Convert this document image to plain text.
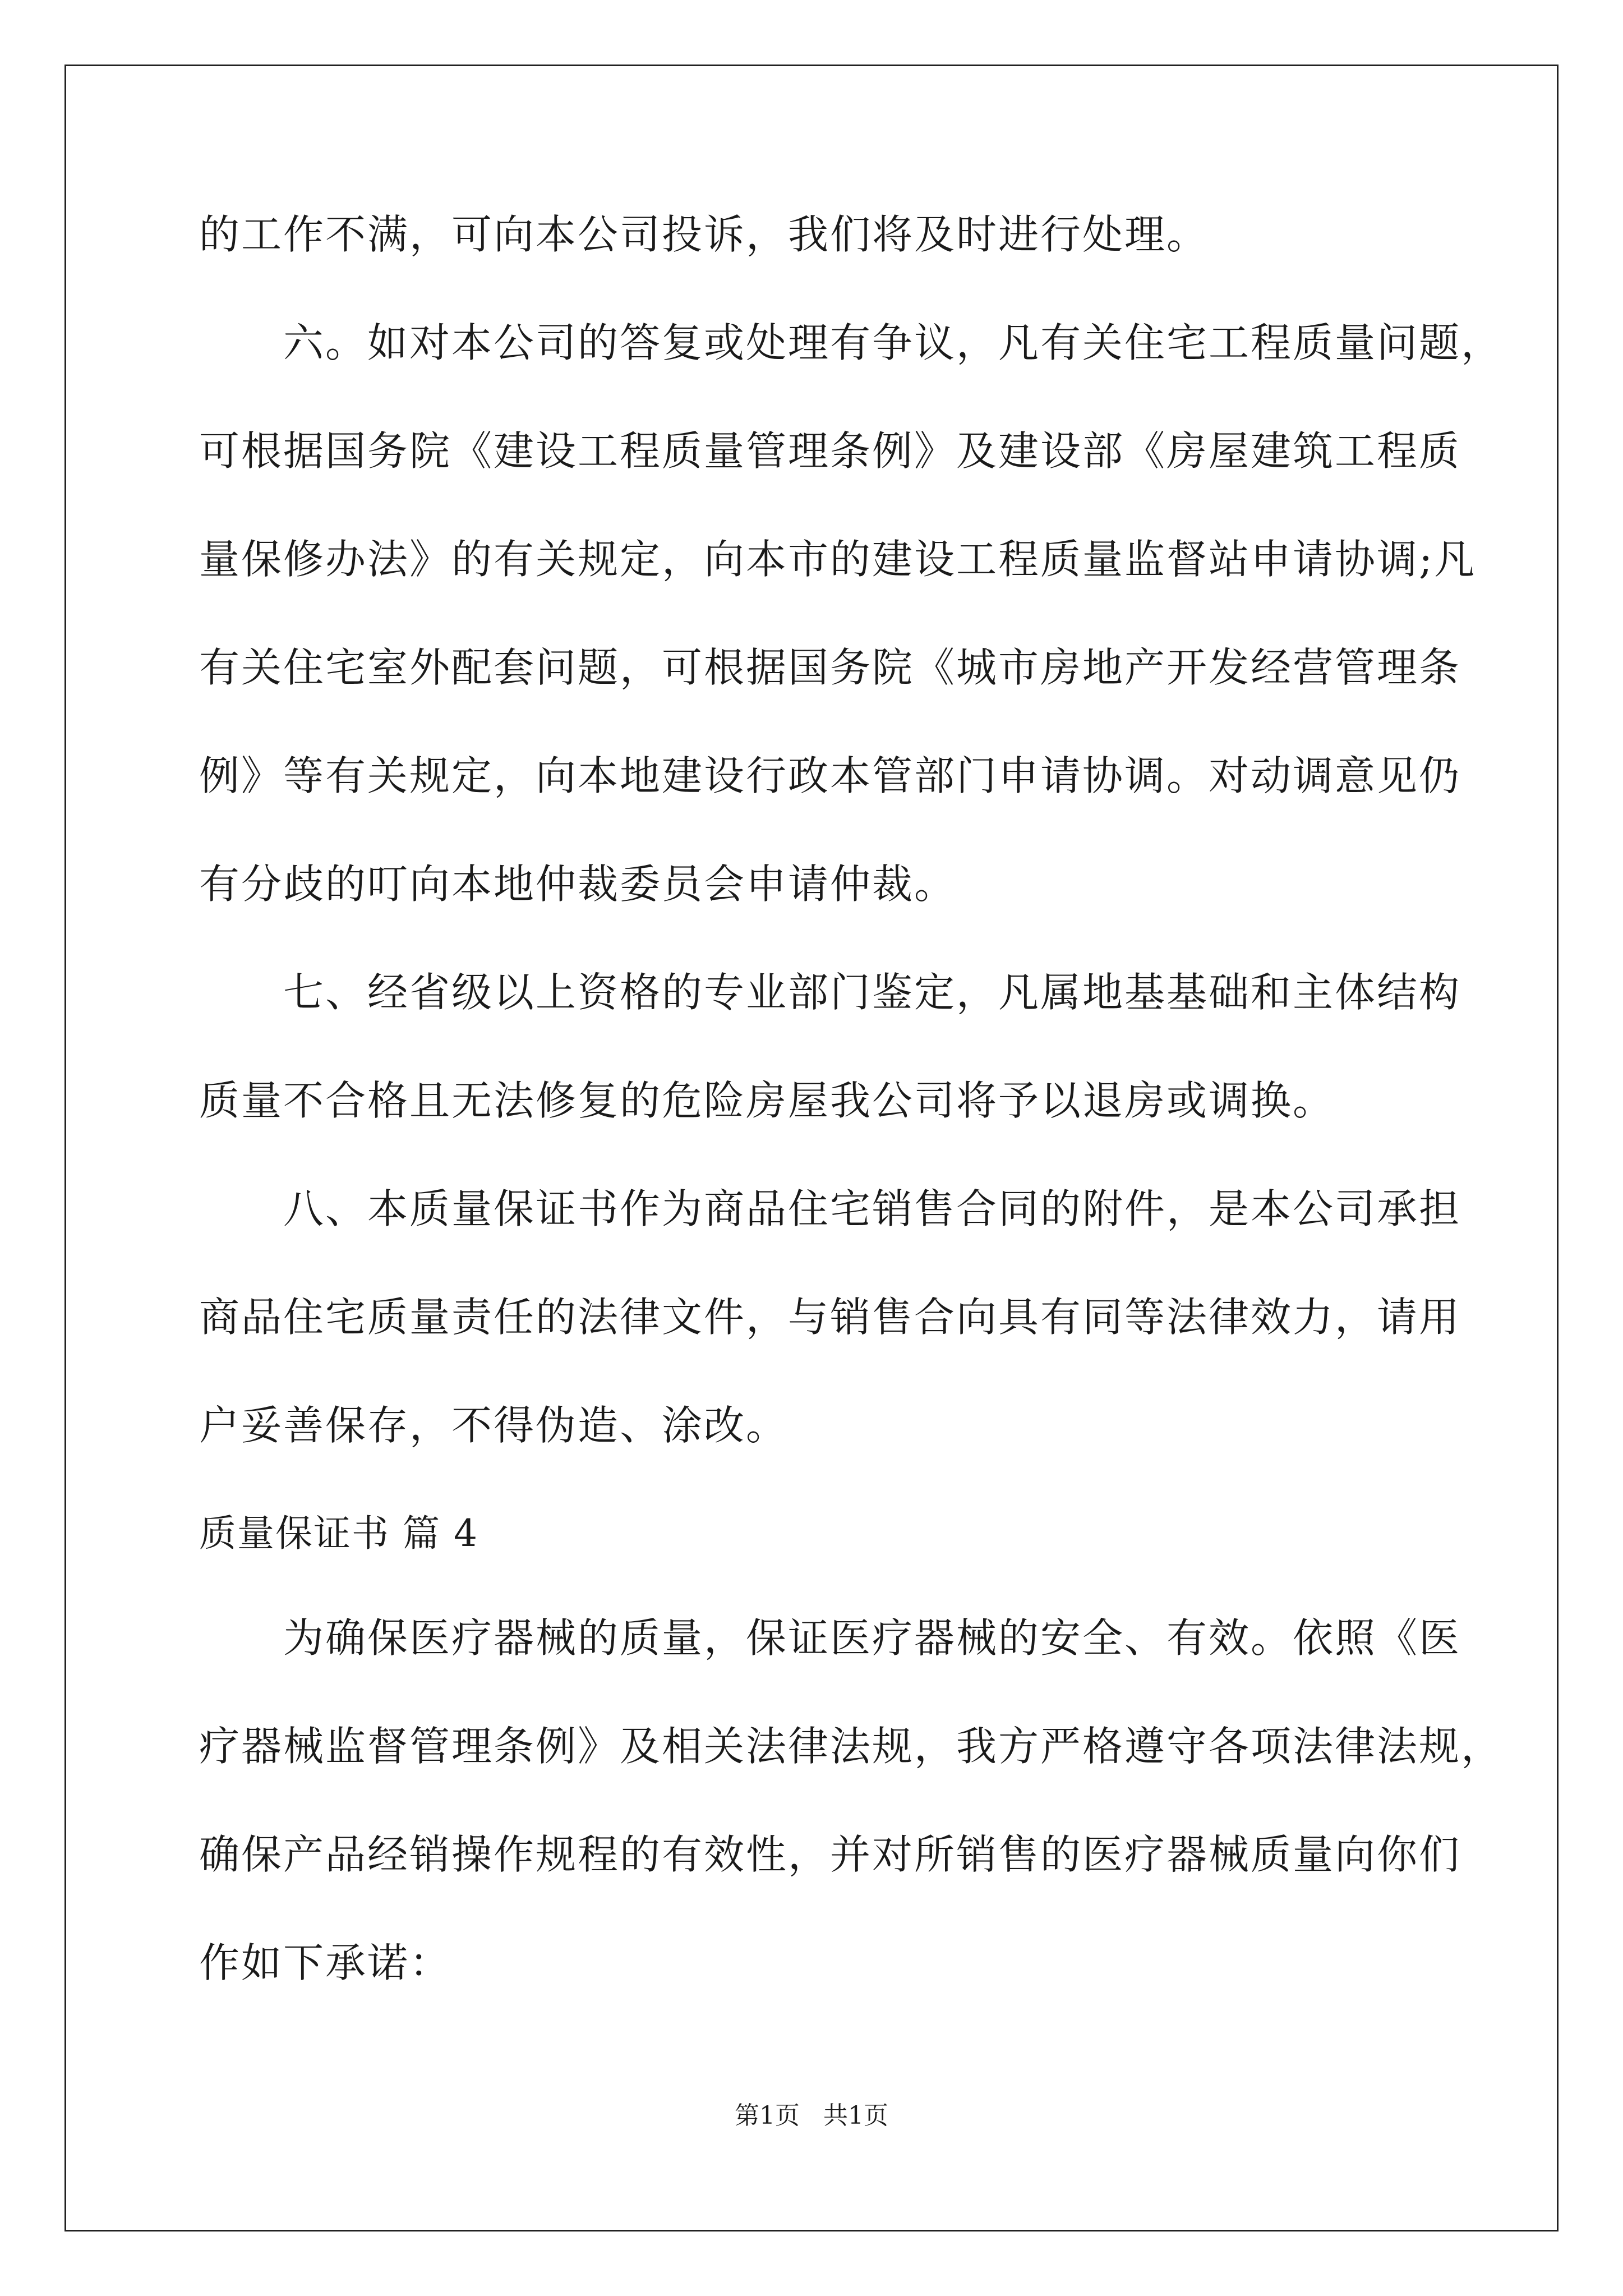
的工作不满，可向本公司投诉，我们将及时进行处理。
六。如对本公司的答复或处理有争议，凡有关住宅工程质量问题，
可根据国务院《建设工程质量管理条例》及建设部《房屋建筑工程质
量保修办法》的有关规定，向本市的建设工程质量监督站申请协调;凡
有关住宅室外配套问题，可根据国务院《城市房地产开发经营管理条
例》等有关规定，向本地建设行政本管部门申请协调。对动调意见仍
有分歧的叮向本地仲裁委员会申请仲裁。
七、经省级以上资格的专业部门鉴定，凡属地基基础和主体结构
质量不合格且无法修复的危险房屋我公司将予以退房或调换。
八、本质量保证书作为商品住宅销售合同的附件，是本公司承担
商品住宅质量责任的法律文件，与销售合向具有同等法律效力，请用
户妥善保存，不得伪造、涂改。
质量保证书 篇 4
为确保医疗器械的质量，保证医疗器械的安全、有效。依照《医
疗器械监督管理条例》及相关法律法规，我方严格遵守各项法律法规，
确保产品经销操作规程的有效性，并对所销售的医疗器械质量向你们
作如下承诺：
第1页   共1页
